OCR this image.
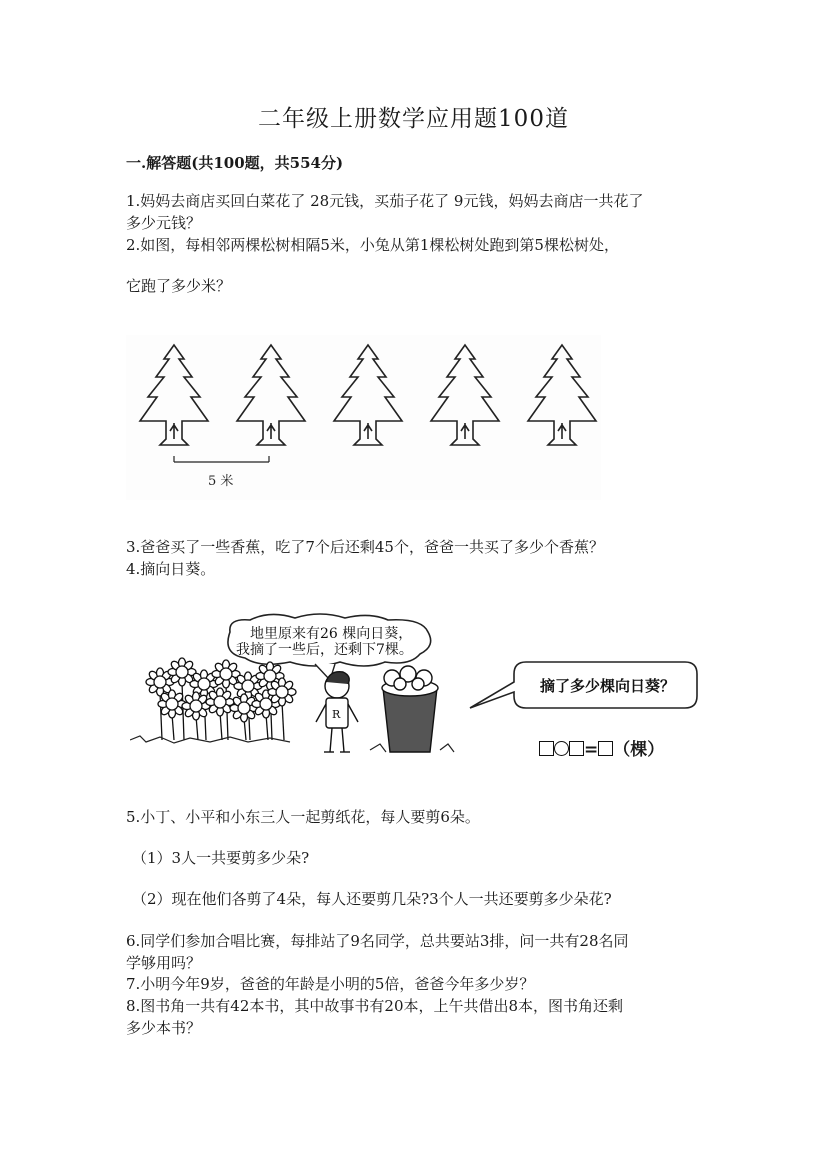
二年级上册数学应用题100道
一.解答题(共100题，共554分)
1.妈妈去商店买回白菜花了 28元钱，买茄子花了 9元钱，妈妈去商店一共花了
多少元钱？
2.如图，每相邻两棵松树相隔5米，小兔从第1棵松树处跑到第5棵松树处，
它跑了多少米？
5 米
3.爸爸买了一些香蕉，吃了7个后还剩45个，爸爸一共买了多少个香蕉？
4.摘向日葵。
地里原来有26 棵向日葵，
我摘了一些后，还剩下7棵。
R
摘了多少棵向日葵？
= （棵）
5.小丁、小平和小东三人一起剪纸花，每人要剪6朵。
（1）3人一共要剪多少朵?
（2）现在他们各剪了4朵，每人还要剪几朵?3个人一共还要剪多少朵花?
6.同学们参加合唱比赛，每排站了9名同学，总共要站3排，问一共有28名同
学够用吗？
7.小明今年9岁，爸爸的年龄是小明的5倍，爸爸今年多少岁？
8.图书角一共有42本书，其中故事书有20本，上午共借出8本，图书角还剩
多少本书？
